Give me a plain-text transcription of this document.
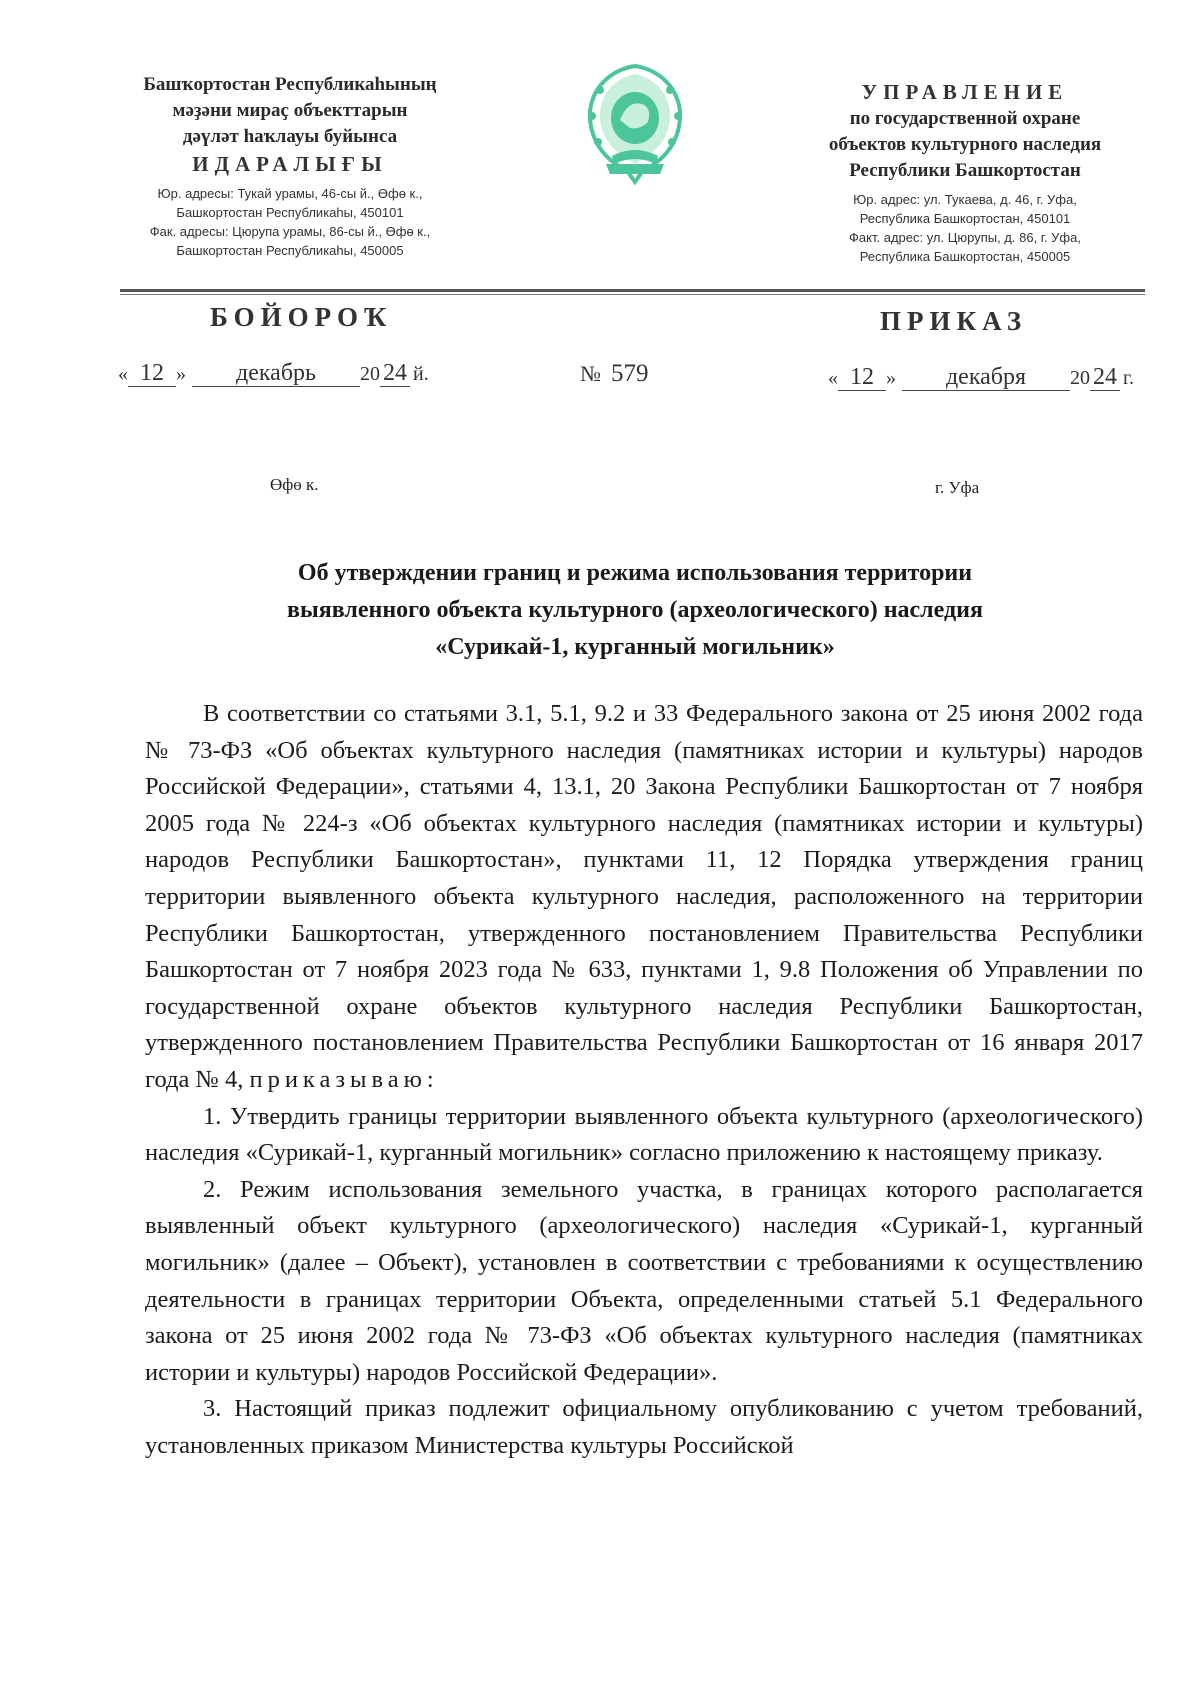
Башҡортостан Республикаһының
мәҙәни мираҫ объекттарын
дәүләт һаҡлауы буйынса
ИДАРАЛЫҒЫ
Юр. адресы: Тукай урамы, 46-сы й., Өфө к.,
Башкортостан Республикаһы, 450101
Фак. адресы: Цюрупа урамы, 86-сы й., Өфө к.,
Башкортостан Республикаһы, 450005
УПРАВЛЕНИЕ
по государственной охране
объектов культурного наследия
Республики Башкортостан
Юр. адрес: ул. Тукаева, д. 46, г. Уфа,
Республика Башкортостан, 450101
Факт. адрес: ул. Цюрупы, д. 86, г. Уфа,
Республика Башкортостан, 450005
БОЙОРОҠ	ПРИКАЗ
« 12 » декабрь 20 24 й.	№ 579	« 12 » декабря 20 24 г.
Өфө к.	г. Уфа
Об утверждении границ и режима использования территории
выявленного объекта культурного (археологического) наследия
«Сурикай-1, курганный могильник»

В соответствии со статьями 3.1, 5.1, 9.2 и 33 Федерального закона от 25 июня 2002 года № 73-ФЗ «Об объектах культурного наследия (памятниках истории и культуры) народов Российской Федерации», статьями 4, 13.1, 20 Закона Республики Башкортостан от 7 ноября 2005 года № 224-з «Об объектах культурного наследия (памятниках истории и культуры) народов Республики Башкортостан», пунктами 11, 12 Порядка утверждения границ территории выявленного объекта культурного наследия, расположенного на территории Республики Башкортостан, утвержденного постановлением Правительства Республики Башкортостан от 7 ноября 2023 года № 633, пунктами 1, 9.8 Положения об Управлении по государственной охране объектов культурного наследия Республики Башкортостан, утвержденного постановлением Правительства Республики Башкортостан от 16 января 2017 года № 4, приказываю:

1. Утвердить границы территории выявленного объекта культурного (археологического) наследия «Сурикай-1, курганный могильник» согласно приложению к настоящему приказу.

2. Режим использования земельного участка, в границах которого располагается выявленный объект культурного (археологического) наследия «Сурикай-1, курганный могильник» (далее – Объект), установлен в соответствии с требованиями к осуществлению деятельности в границах территории Объекта, определенными статьей 5.1 Федерального закона от 25 июня 2002 года № 73-ФЗ «Об объектах культурного наследия (памятниках истории и культуры) народов Российской Федерации».

3. Настоящий приказ подлежит официальному опубликованию с учетом требований, установленных приказом Министерства культуры Российской
